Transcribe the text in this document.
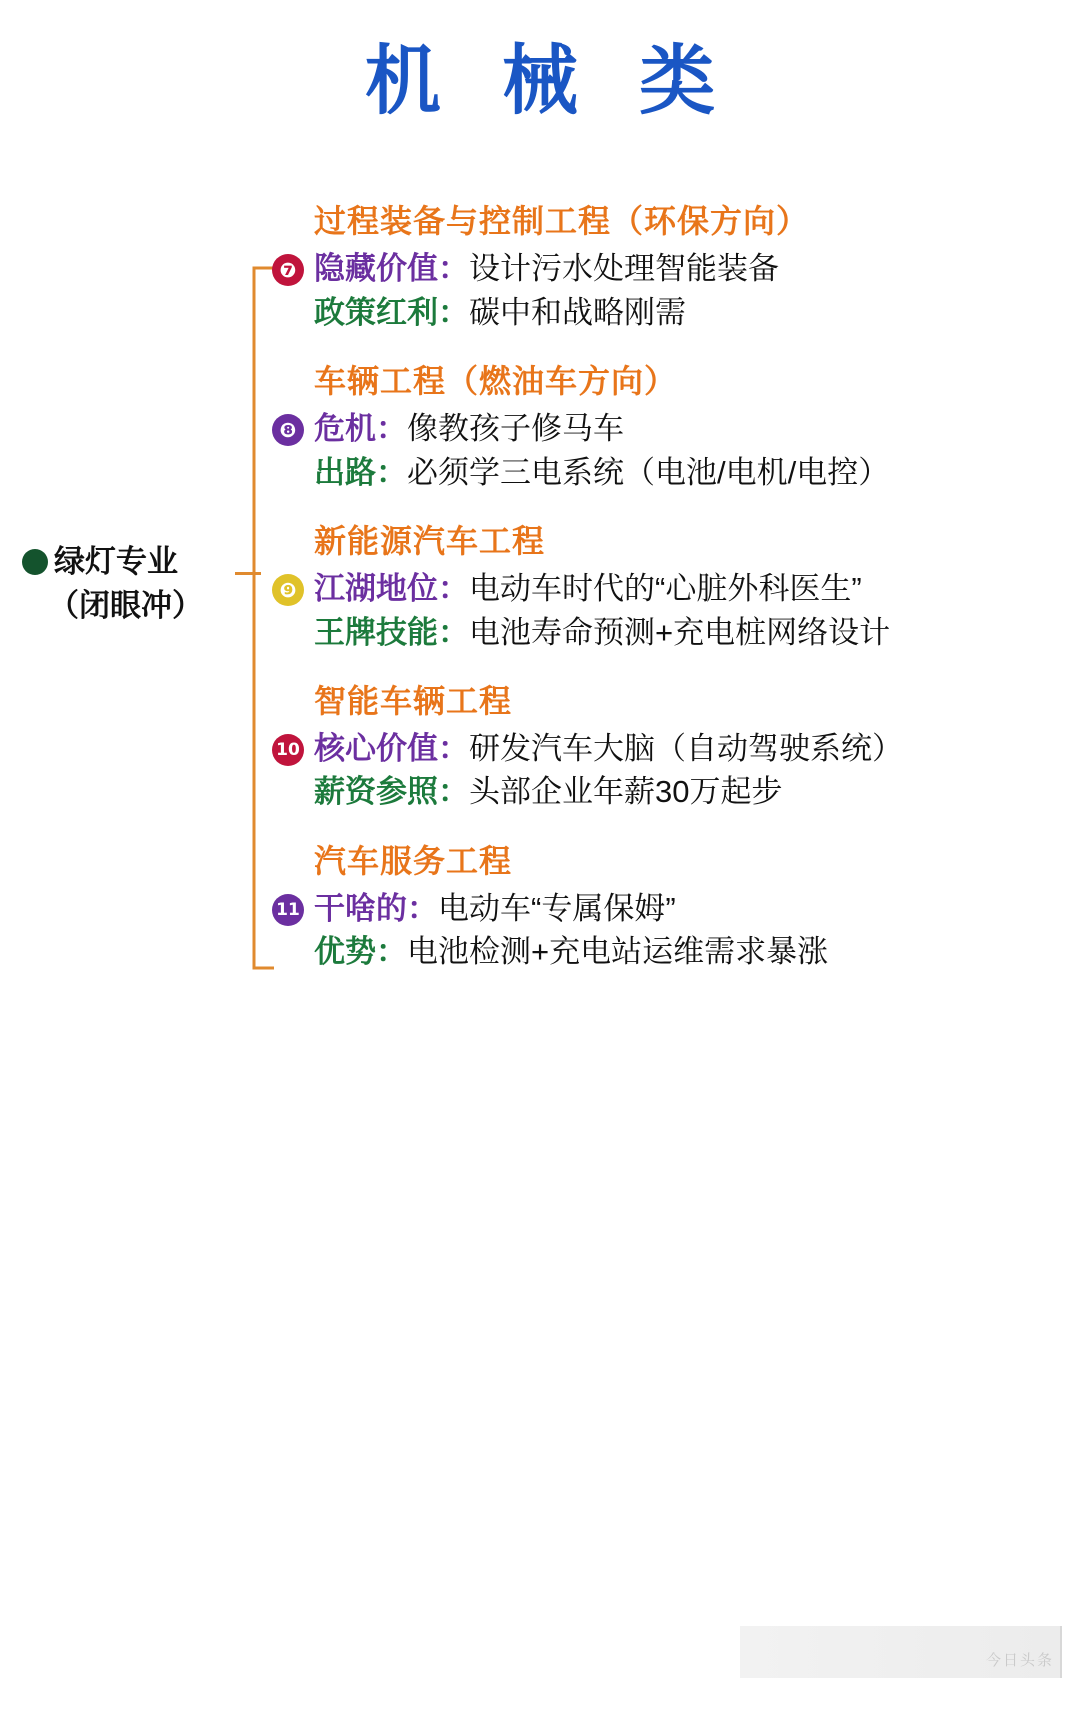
机 械 类
绿灯专业
（闭眼冲）
过程装备与控制工程（环保方向）
❼ 隐藏价值：设计污水处理智能装备
政策红利：碳中和战略刚需
车辆工程（燃油车方向）
❽ 危机：像教孩子修马车
出路：必须学三电系统（电池/电机/电控）
新能源汽车工程
❾ 江湖地位：电动车时代的“心脏外科医生”
王牌技能：电池寿命预测+充电桩网络设计
智能车辆工程
10 核心价值：研发汽车大脑（自动驾驶系统）
薪资参照：头部企业年薪30万起步
汽车服务工程
11 干啥的：电动车“专属保姆”
优势：电池检测+充电站运维需求暴涨
今日头条
